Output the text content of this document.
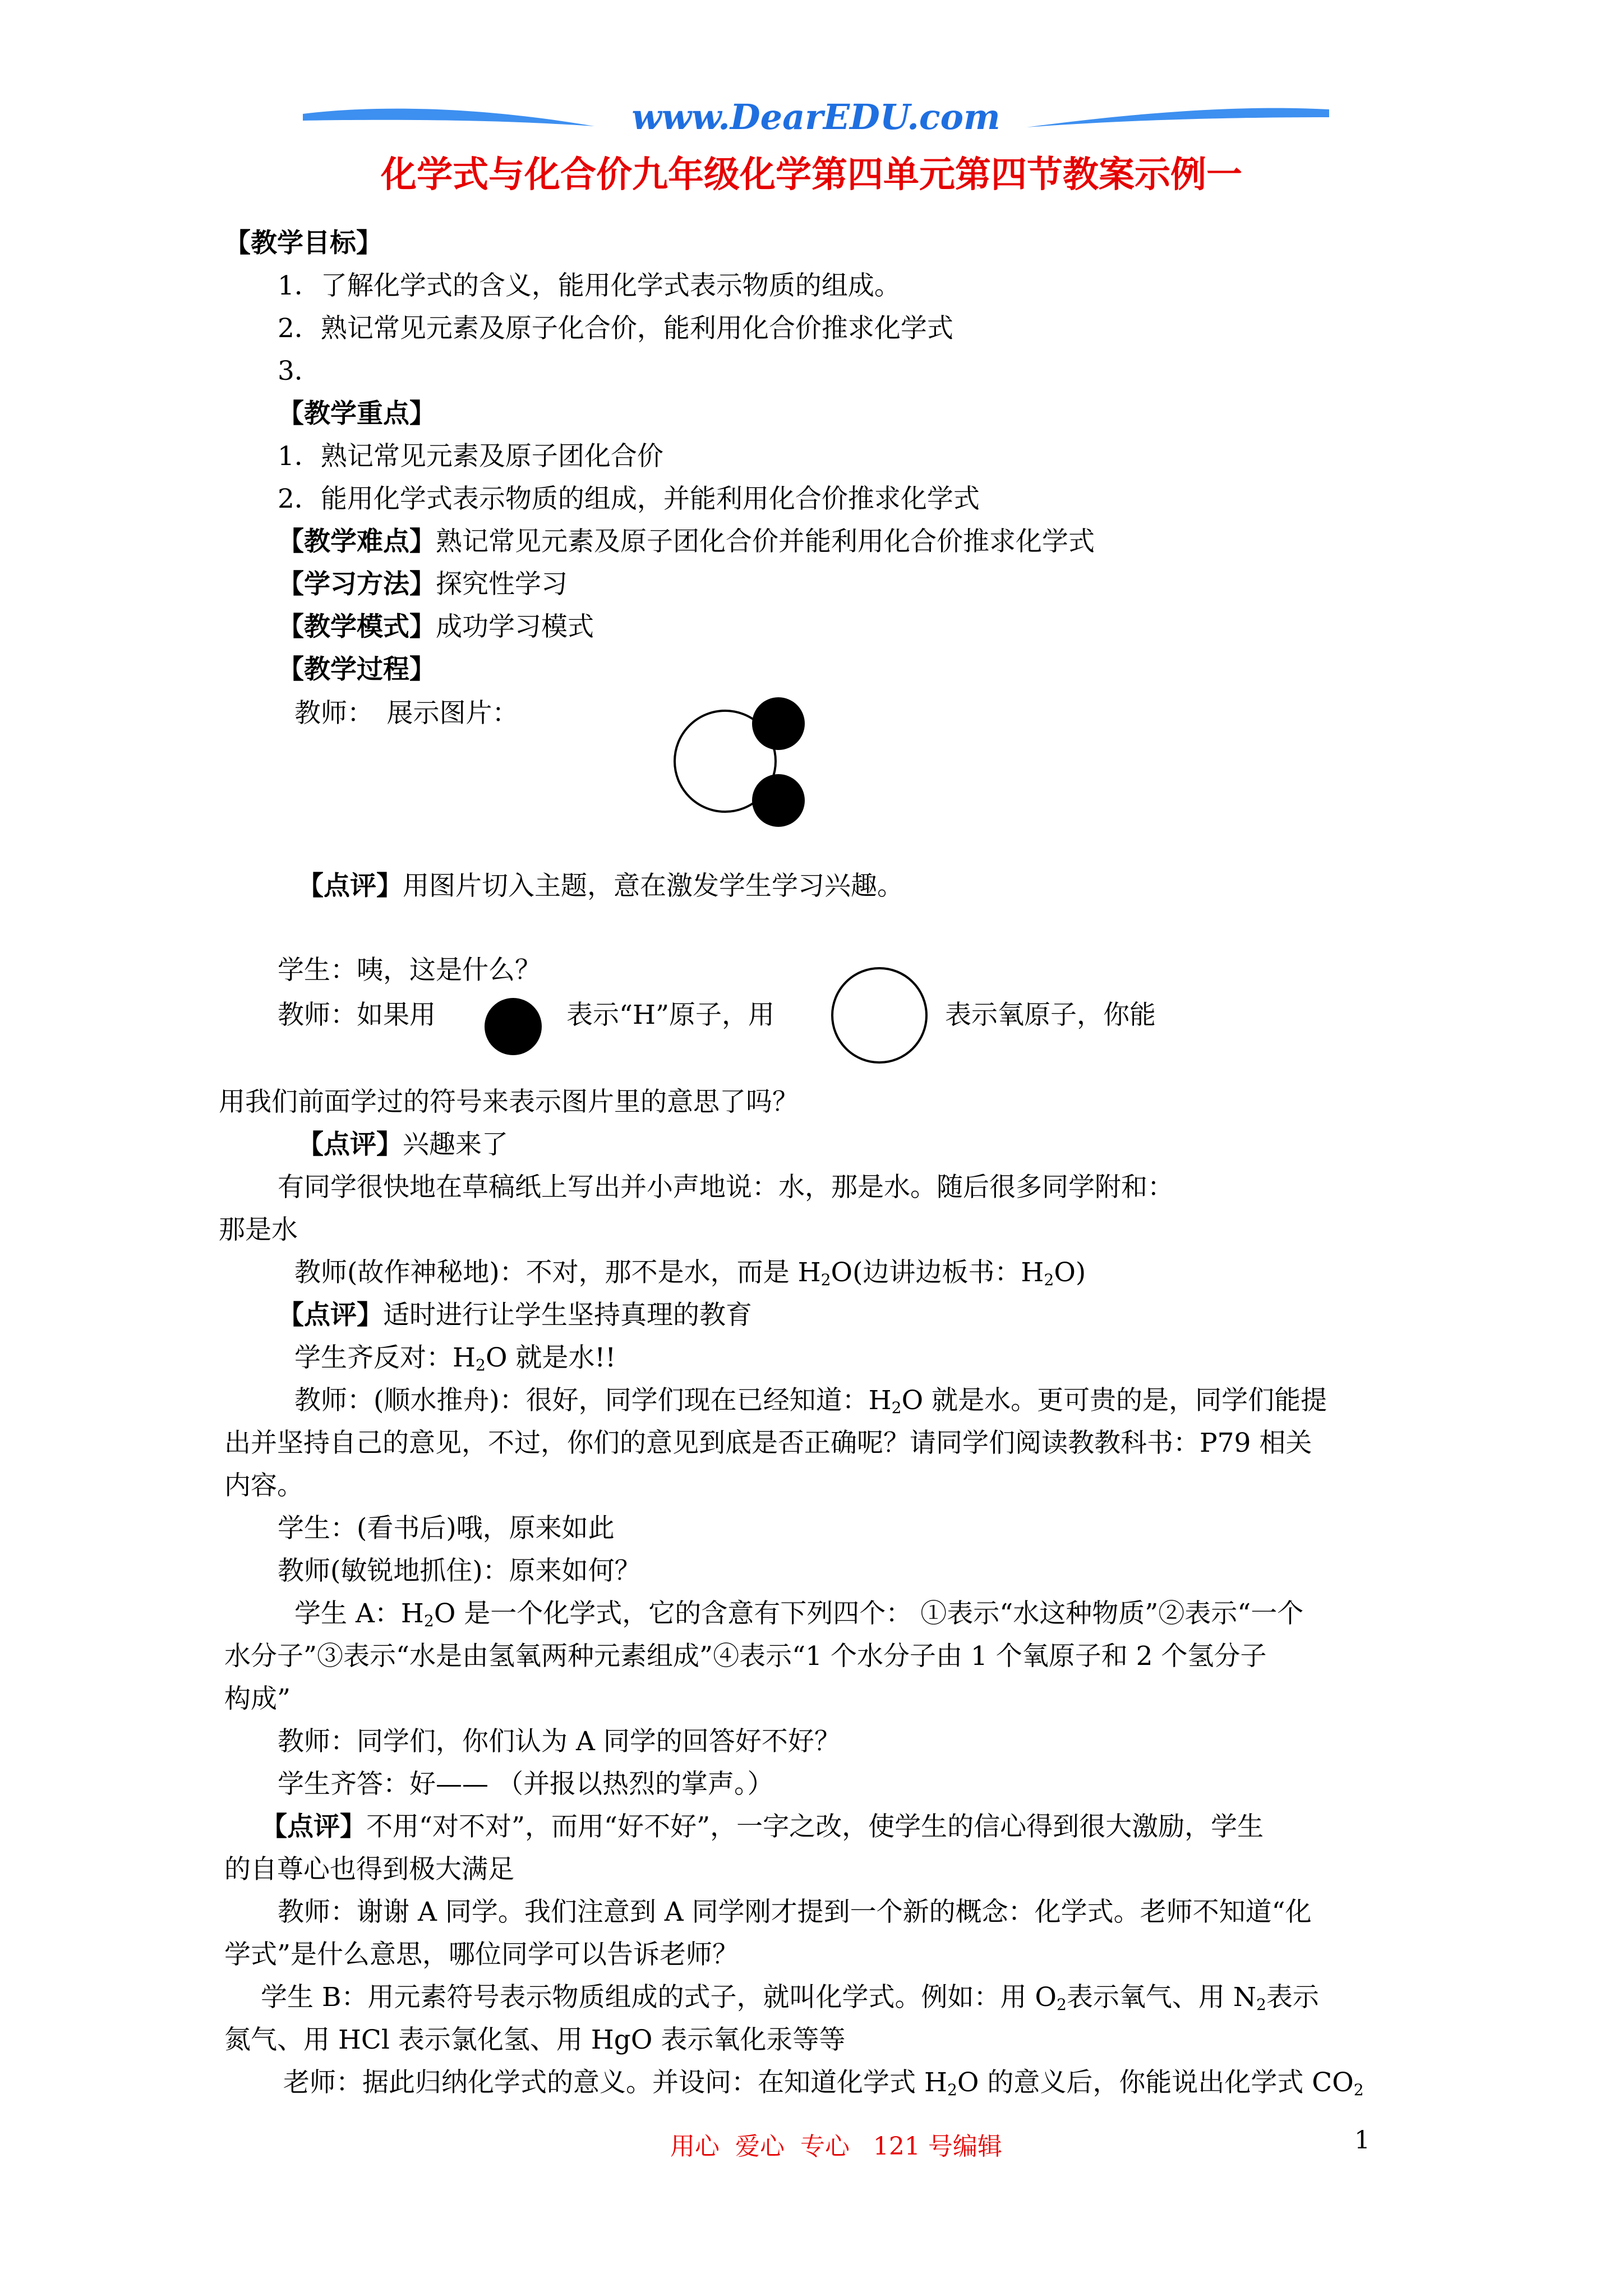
www.DearEDU.com
化学式与化合价九年级化学第四单元第四节教案示例一
【教学目标】
1．了解化学式的含义，能用化学式表示物质的组成。
2．熟记常见元素及原子化合价，能利用化合价推求化学式
3．
【教学重点】
1．熟记常见元素及原子团化合价
2．能用化学式表示物质的组成，并能利用化合价推求化学式
【教学难点】熟记常见元素及原子团化合价并能利用化合价推求化学式
【学习方法】探究性学习
【教学模式】成功学习模式
【教学过程】
教师：　展示图片：
【点评】用图片切入主题，意在激发学生学习兴趣。
学生：咦，这是什么？
教师：如果用	表示“H”原子，用	表示氧原子，你能
用我们前面学过的符号来表示图片里的意思了吗？
【点评】兴趣来了
有同学很快地在草稿纸上写出并小声地说：水，那是水。随后很多同学附和：
那是水
教师(故作神秘地)：不对，那不是水，而是 $H_2O$(边讲边板书：$H_2O$)
【点评】适时进行让学生坚持真理的教育
学生齐反对：$H_2O$ 就是水!!
教师：(顺水推舟)：很好，同学们现在已经知道：$H_2O$ 就是水。更可贵的是，同学们能提
出并坚持自己的意见，不过，你们的意见到底是否正确呢？请同学们阅读教教科书：P79 相关
内容。
学生：(看书后)哦，原来如此
教师(敏锐地抓住)：原来如何？
学生 A：$H_2O$ 是一个化学式，它的含意有下列四个： ①表示“水这种物质”②表示“一个
水分子”③表示“水是由氢氧两种元素组成”④表示“1 个水分子由 1 个氧原子和 2 个氢分子
构成”
教师：同学们，你们认为 A 同学的回答好不好？
学生齐答：好—— （并报以热烈的掌声。）
【点评】不用“对不对”，而用“好不好”，一字之改，使学生的信心得到很大激励，学生
的自尊心也得到极大满足
教师：谢谢 A 同学。我们注意到 A 同学刚才提到一个新的概念：化学式。老师不知道“化
学式”是什么意思，哪位同学可以告诉老师？
学生 B：用元素符号表示物质组成的式子，就叫化学式。例如：用 $O_2$表示氧气、用 $N_2$表示
氮气、用 HCl 表示氯化氢、用 HgO 表示氧化汞等等
老师：据此归纳化学式的意义。并设问：在知道化学式 $H_2O$ 的意义后，你能说出化学式 $CO_2$
用心  爱心  专心   121 号编辑	1
